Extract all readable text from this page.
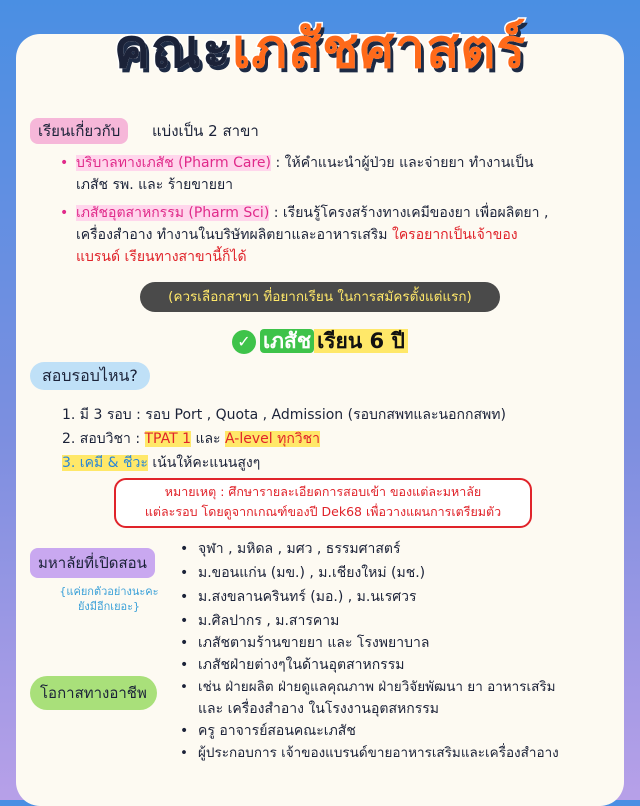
คณะเภสัชศาสตร์
เรียนเกี่ยวกับ	แบ่งเป็น 2 สาขา
• บริบาลทางเภสัช (Pharm Care) : ให้คำแนะนำผู้ป่วย และจ่ายยา ทำงานเป็น
เภสัช รพ. และ ร้ายขายยา
• เภสัชอุตสาหกรรม (Pharm Sci) : เรียนรู้โครงสร้างทางเคมีของยา เพื่อผลิตยา ,
เครื่องสำอาง ทำงานในบริษัทผลิตยาและอาหารเสริม ใครอยากเป็นเจ้าของ
แบรนด์ เรียนทางสาขานี้ก็ได้
(ควรเลือกสาขา ที่อยากเรียน ในการสมัครตั้งแต่แรก)
✓ เภสัช เรียน 6 ปี
สอบรอบไหน?
1. มี 3 รอบ : รอบ Port , Quota , Admission (รอบกสพทและนอกกสพท)
2. สอบวิชา : TPAT 1 และ A-level ทุกวิชา
3. เคมี & ชีวะ เน้นให้คะแนนสูงๆ
หมายเหตุ : ศึกษารายละเอียดการสอบเข้า ของแต่ละมหาลัย
แต่ละรอบ โดยดูจากเกณฑ์ของปี Dek68 เพื่อวางแผนการเตรียมตัว
มหาลัยที่เปิดสอน
{แค่ยกตัวอย่างนะคะ
ยังมีอีกเยอะ}
• จุฬา , มหิดล , มศว , ธรรมศาสตร์
• ม.ขอนแก่น (มข.) , ม.เชียงใหม่ (มช.)
• ม.สงขลานครินทร์ (มอ.) , ม.นเรศวร
• ม.ศิลปากร , ม.สารคาม
โอกาสทางอาชีพ
• เภสัชตามร้านขายยา และ โรงพยาบาล
• เภสัชฝ่ายต่างๆในด้านอุตสาหกรรม
• เช่น ฝ่ายผลิต ฝ่ายดูแลคุณภาพ ฝ่ายวิจัยพัฒนา ยา อาหารเสริม
และ เครื่องสำอาง ในโรงงานอุตสหกรรม
• ครู อาจารย์สอนคณะเภสัช
• ผู้ประกอบการ เจ้าของแบรนด์ขายอาหารเสริมและเครื่องสำอาง
